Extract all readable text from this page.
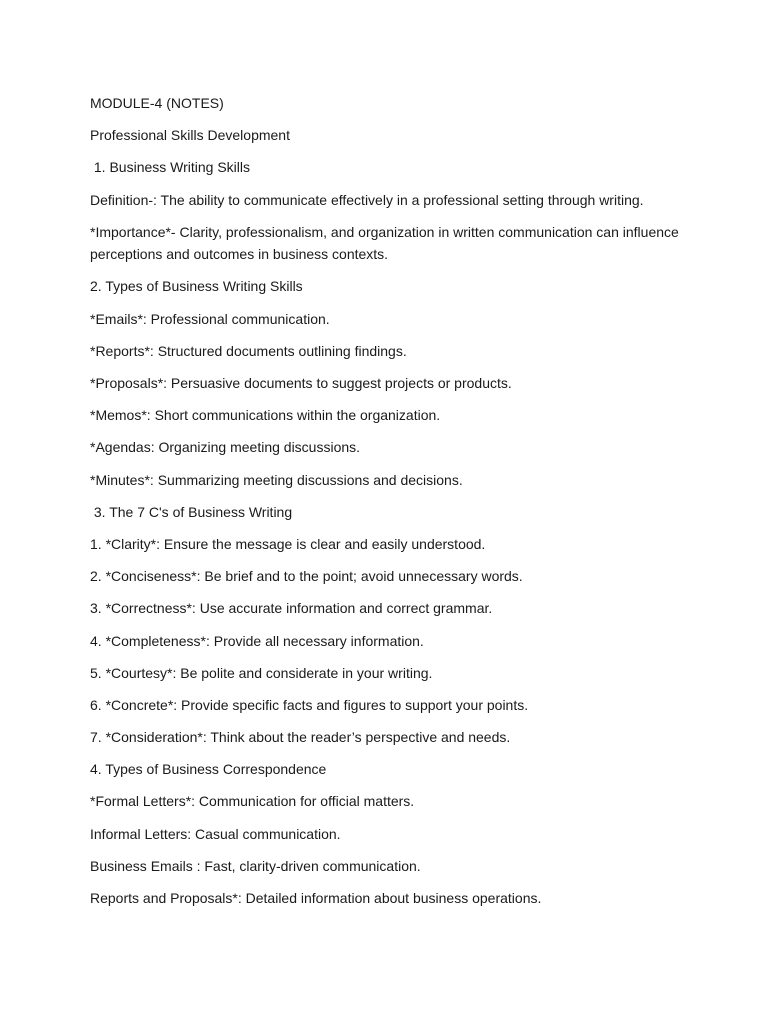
MODULE-4 (NOTES)

Professional Skills Development

1. Business Writing Skills

Definition-: The ability to communicate effectively in a professional setting through writing.

*Importance*- Clarity, professionalism, and organization in written communication can influence perceptions and outcomes in business contexts.

2. Types of Business Writing Skills

*Emails*: Professional communication.

*Reports*: Structured documents outlining findings.

*Proposals*: Persuasive documents to suggest projects or products.

*Memos*: Short communications within the organization.

*Agendas: Organizing meeting discussions.

*Minutes*: Summarizing meeting discussions and decisions.

3. The 7 C's of Business Writing

1. *Clarity*: Ensure the message is clear and easily understood.

2. *Conciseness*: Be brief and to the point; avoid unnecessary words.

3. *Correctness*: Use accurate information and correct grammar.

4. *Completeness*: Provide all necessary information.

5. *Courtesy*: Be polite and considerate in your writing.

6. *Concrete*: Provide specific facts and figures to support your points.

7. *Consideration*: Think about the reader’s perspective and needs.

4. Types of Business Correspondence

*Formal Letters*: Communication for official matters.

Informal Letters: Casual communication.

Business Emails : Fast, clarity-driven communication.

Reports and Proposals*: Detailed information about business operations.
